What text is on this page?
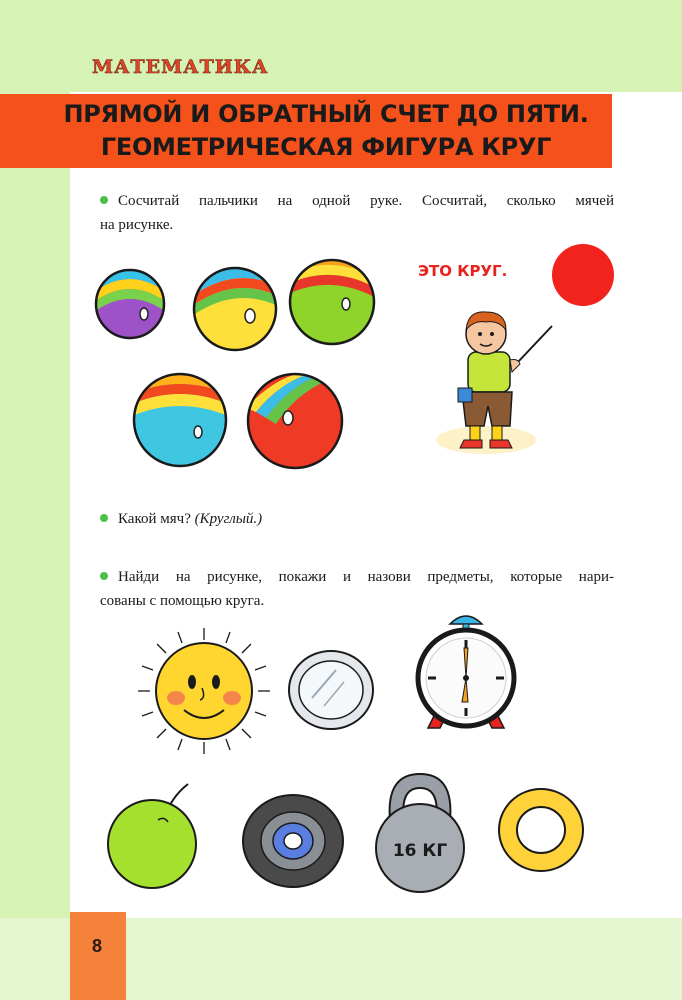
8
МАТЕМАТИКА
ПРЯМОЙ И ОБРАТНЫЙ СЧЕТ ДО ПЯТИ.
ГЕОМЕТРИЧЕСКАЯ ФИГУРА КРУГ
Сосчитай пальчики на одной руке. Сосчитай, сколько мячей
на рисунке.
ЭТО КРУГ.
Какой мяч? (Круглый.)
Найди на рисунке, покажи и назови предметы, которые нари-
сованы с помощью круга.
16 КГ
